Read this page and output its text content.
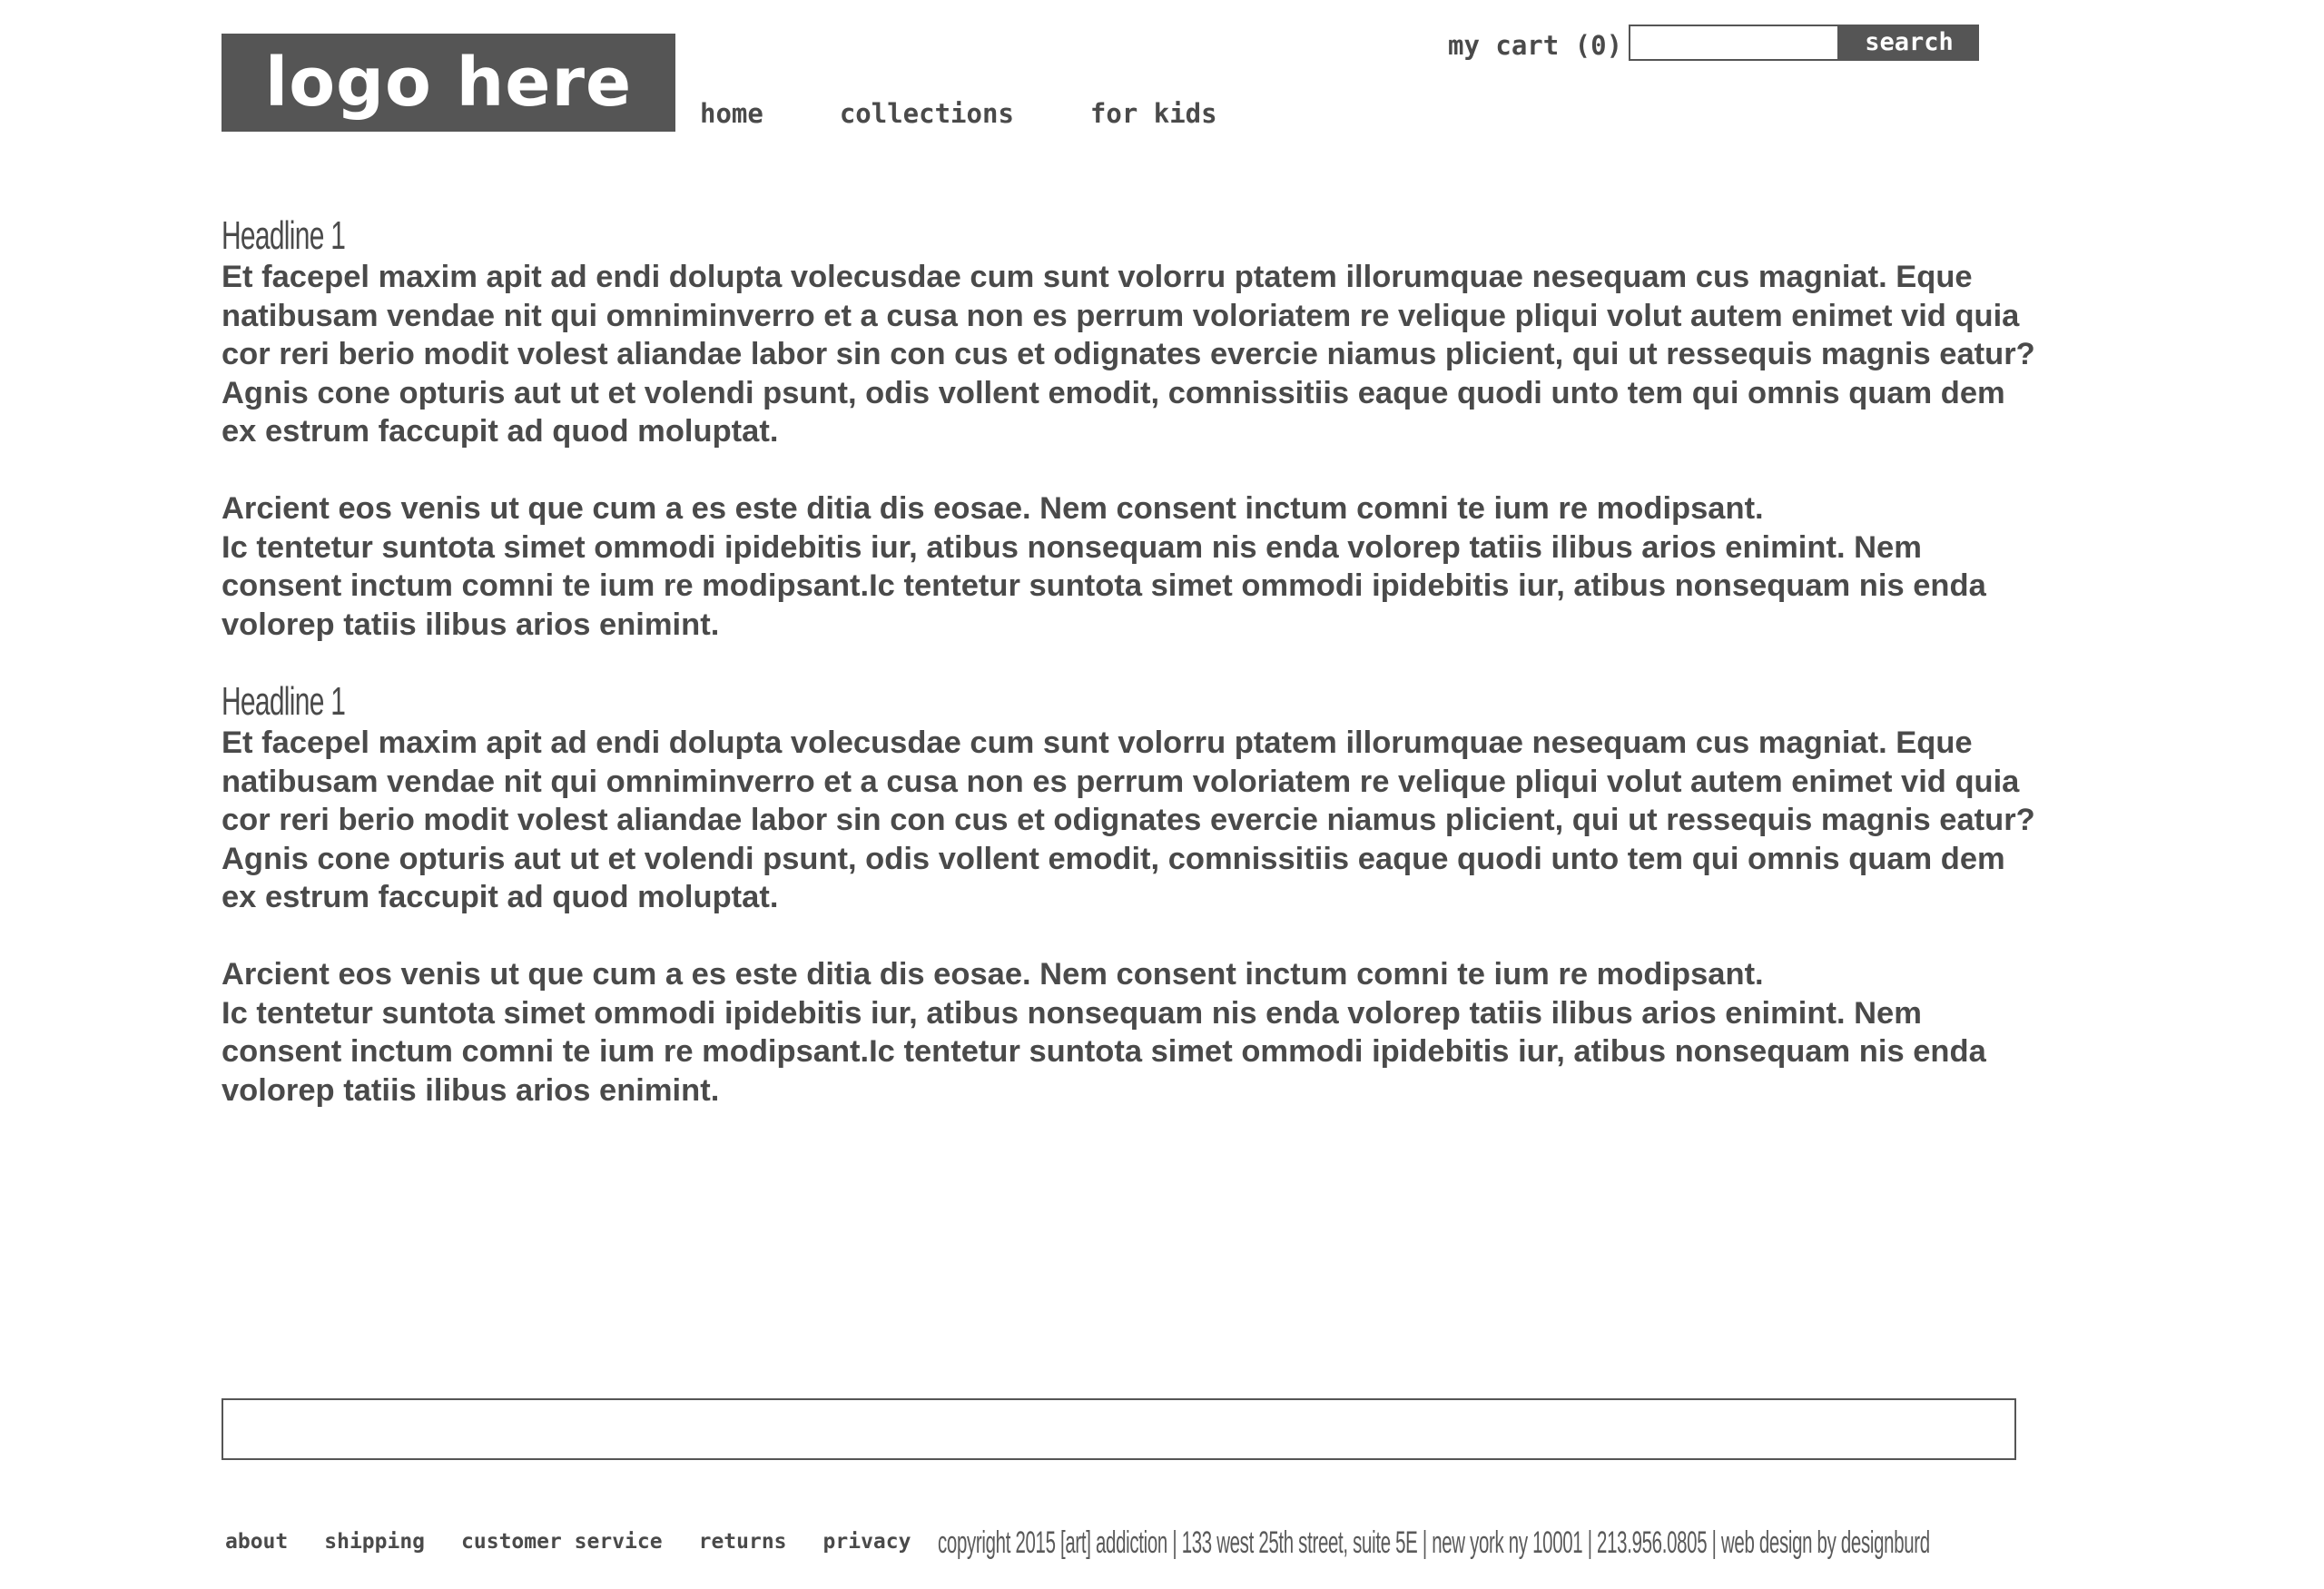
logo here	home	collections	for kids
my cart (0)	search
Headline 1

Et facepel maxim apit ad endi dolupta volecusdae cum sunt volorru ptatem illorumquae nesequam cus magniat. Eque natibusam vendae nit qui omniminverro et a cusa non es perrum voloriatem re velique pliqui volut autem enimet vid quia cor reri berio modit volest aliandae labor sin con cus et odignates evercie niamus plicient, qui ut ressequis magnis eatur? Agnis cone opturis aut ut et volendi psunt, odis vollent emodit, comnissitiis eaque quodi unto tem qui omnis quam dem ex estrum faccupit ad quod moluptat.

Arcient eos venis ut que cum a es este ditia dis eosae. Nem consent inctum comni te ium re modipsant.
Ic tentetur suntota simet ommodi ipidebitis iur, atibus nonsequam nis enda volorep tatiis ilibus arios enimint. Nem consent inctum comni te ium re modipsant.Ic tentetur suntota simet ommodi ipidebitis iur, atibus nonsequam nis enda volorep tatiis ilibus arios enimint.

Headline 1

Et facepel maxim apit ad endi dolupta volecusdae cum sunt volorru ptatem illorumquae nesequam cus magniat. Eque natibusam vendae nit qui omniminverro et a cusa non es perrum voloriatem re velique pliqui volut autem enimet vid quia cor reri berio modit volest aliandae labor sin con cus et odignates evercie niamus plicient, qui ut ressequis magnis eatur? Agnis cone opturis aut ut et volendi psunt, odis vollent emodit, comnissitiis eaque quodi unto tem qui omnis quam dem ex estrum faccupit ad quod moluptat.

Arcient eos venis ut que cum a es este ditia dis eosae. Nem consent inctum comni te ium re modipsant.
Ic tentetur suntota simet ommodi ipidebitis iur, atibus nonsequam nis enda volorep tatiis ilibus arios enimint. Nem consent inctum comni te ium re modipsant.Ic tentetur suntota simet ommodi ipidebitis iur, atibus nonsequam nis enda volorep tatiis ilibus arios enimint.

about shipping customer service returns privacy copyright 2015 [art] addiction | 133 west 25th street, suite 5E | new york ny 10001 | 213.956.0805 | web design by designburd
